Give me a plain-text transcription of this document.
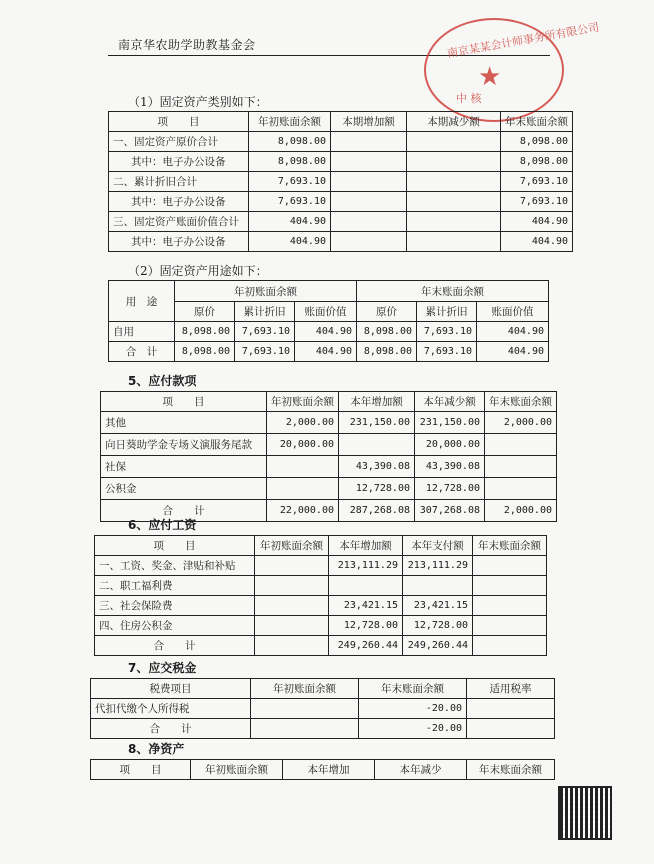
南京华农助学助教基金会	南京某某会计师事务所有限公司
★
中 核
（1）固定资产类别如下：
项　　目	年初账面余额	本期增加额	本期减少额	年末账面余额
一、固定资产原价合计	8,098.00			8,098.00
其中：电子办公设备	8,098.00			8,098.00
二、累计折旧合计	7,693.10			7,693.10
其中：电子办公设备	7,693.10			7,693.10
三、固定资产账面价值合计	404.90			404.90
其中：电子办公设备	404.90			404.90
（2）固定资产用途如下：
用　途	年初账面余额			年末账面余额		
	原价	累计折旧	账面价值	原价	累计折旧	账面价值
自用	8,098.00	7,693.10	404.90	8,098.00	7,693.10	404.90
合　计	8,098.00	7,693.10	404.90	8,098.00	7,693.10	404.90
5、应付款项
项　　目	年初账面余额	本年增加额	本年减少额	年末账面余额
其他	2,000.00	231,150.00	231,150.00	2,000.00
向日葵助学金专场义演服务尾款	20,000.00		20,000.00	
社保		43,390.08	43,390.08	
公积金		12,728.00	12,728.00	
合　　计	22,000.00	287,268.08	307,268.08	2,000.00
6、应付工资
项　　目	年初账面余额	本年增加额	本年支付额	年末账面余额
一、工资、奖金、津贴和补贴		213,111.29	213,111.29	
二、职工福利费				
三、社会保险费		23,421.15	23,421.15	
四、住房公积金		12,728.00	12,728.00	
合　　计		249,260.44	249,260.44	
7、应交税金
税费项目	年初账面余额	年末账面余额	适用税率
代扣代缴个人所得税		-20.00	
合　　计		-20.00	
8、净资产
项　　目	年初账面余额	本年增加	本年减少	年末账面余额
